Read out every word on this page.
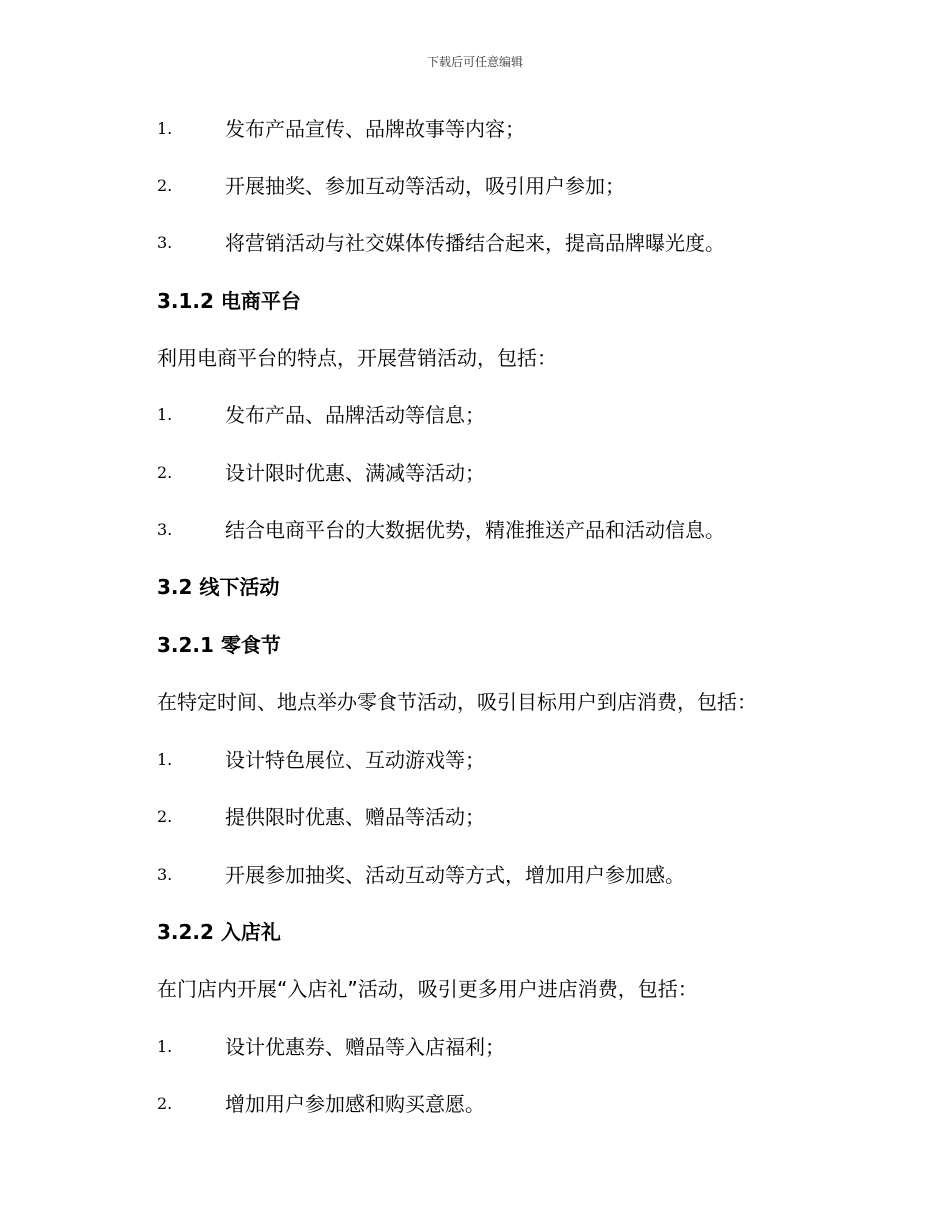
下载后可任意编辑
1.	发布产品宣传、品牌故事等内容；
2.	开展抽奖、参加互动等活动，吸引用户参加；
3.	将营销活动与社交媒体传播结合起来，提高品牌曝光度。
3.1.2 电商平台
利用电商平台的特点，开展营销活动，包括：
1.	发布产品、品牌活动等信息；
2.	设计限时优惠、满减等活动；
3.	结合电商平台的大数据优势，精准推送产品和活动信息。
3.2 线下活动
3.2.1 零食节
在特定时间、地点举办零食节活动，吸引目标用户到店消费，包括：
1.	设计特色展位、互动游戏等；
2.	提供限时优惠、赠品等活动；
3.	开展参加抽奖、活动互动等方式，增加用户参加感。
3.2.2 入店礼
在门店内开展“入店礼”活动，吸引更多用户进店消费，包括：
1.	设计优惠券、赠品等入店福利；
2.	增加用户参加感和购买意愿。
